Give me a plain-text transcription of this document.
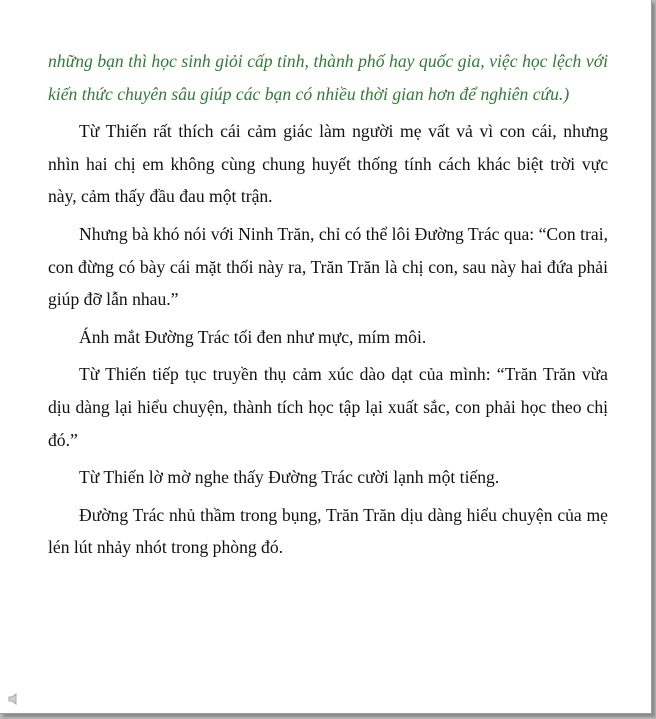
những bạn thì học sinh giỏi cấp tỉnh, thành phố hay quốc gia, việc học lệch với kiến thức chuyên sâu giúp các bạn có nhiều thời gian hơn để nghiên cứu.)

Từ Thiến rất thích cái cảm giác làm người mẹ vất vả vì con cái, nhưng nhìn hai chị em không cùng chung huyết thống tính cách khác biệt trời vực này, cảm thấy đầu đau một trận.

Nhưng bà khó nói với Ninh Trăn, chỉ có thể lôi Đường Trác qua: “Con trai, con đừng có bày cái mặt thối này ra, Trăn Trăn là chị con, sau này hai đứa phải giúp đỡ lẫn nhau.”

Ánh mắt Đường Trác tối đen như mực, mím môi.

Từ Thiến tiếp tục truyền thụ cảm xúc dào dạt của mình: “Trăn Trăn vừa dịu dàng lại hiểu chuyện, thành tích học tập lại xuất sắc, con phải học theo chị đó.”

Từ Thiến lờ mờ nghe thấy Đường Trác cười lạnh một tiếng.

Đường Trác nhủ thầm trong bụng, Trăn Trăn dịu dàng hiểu chuyện của mẹ lén lút nhảy nhót trong phòng đó.
